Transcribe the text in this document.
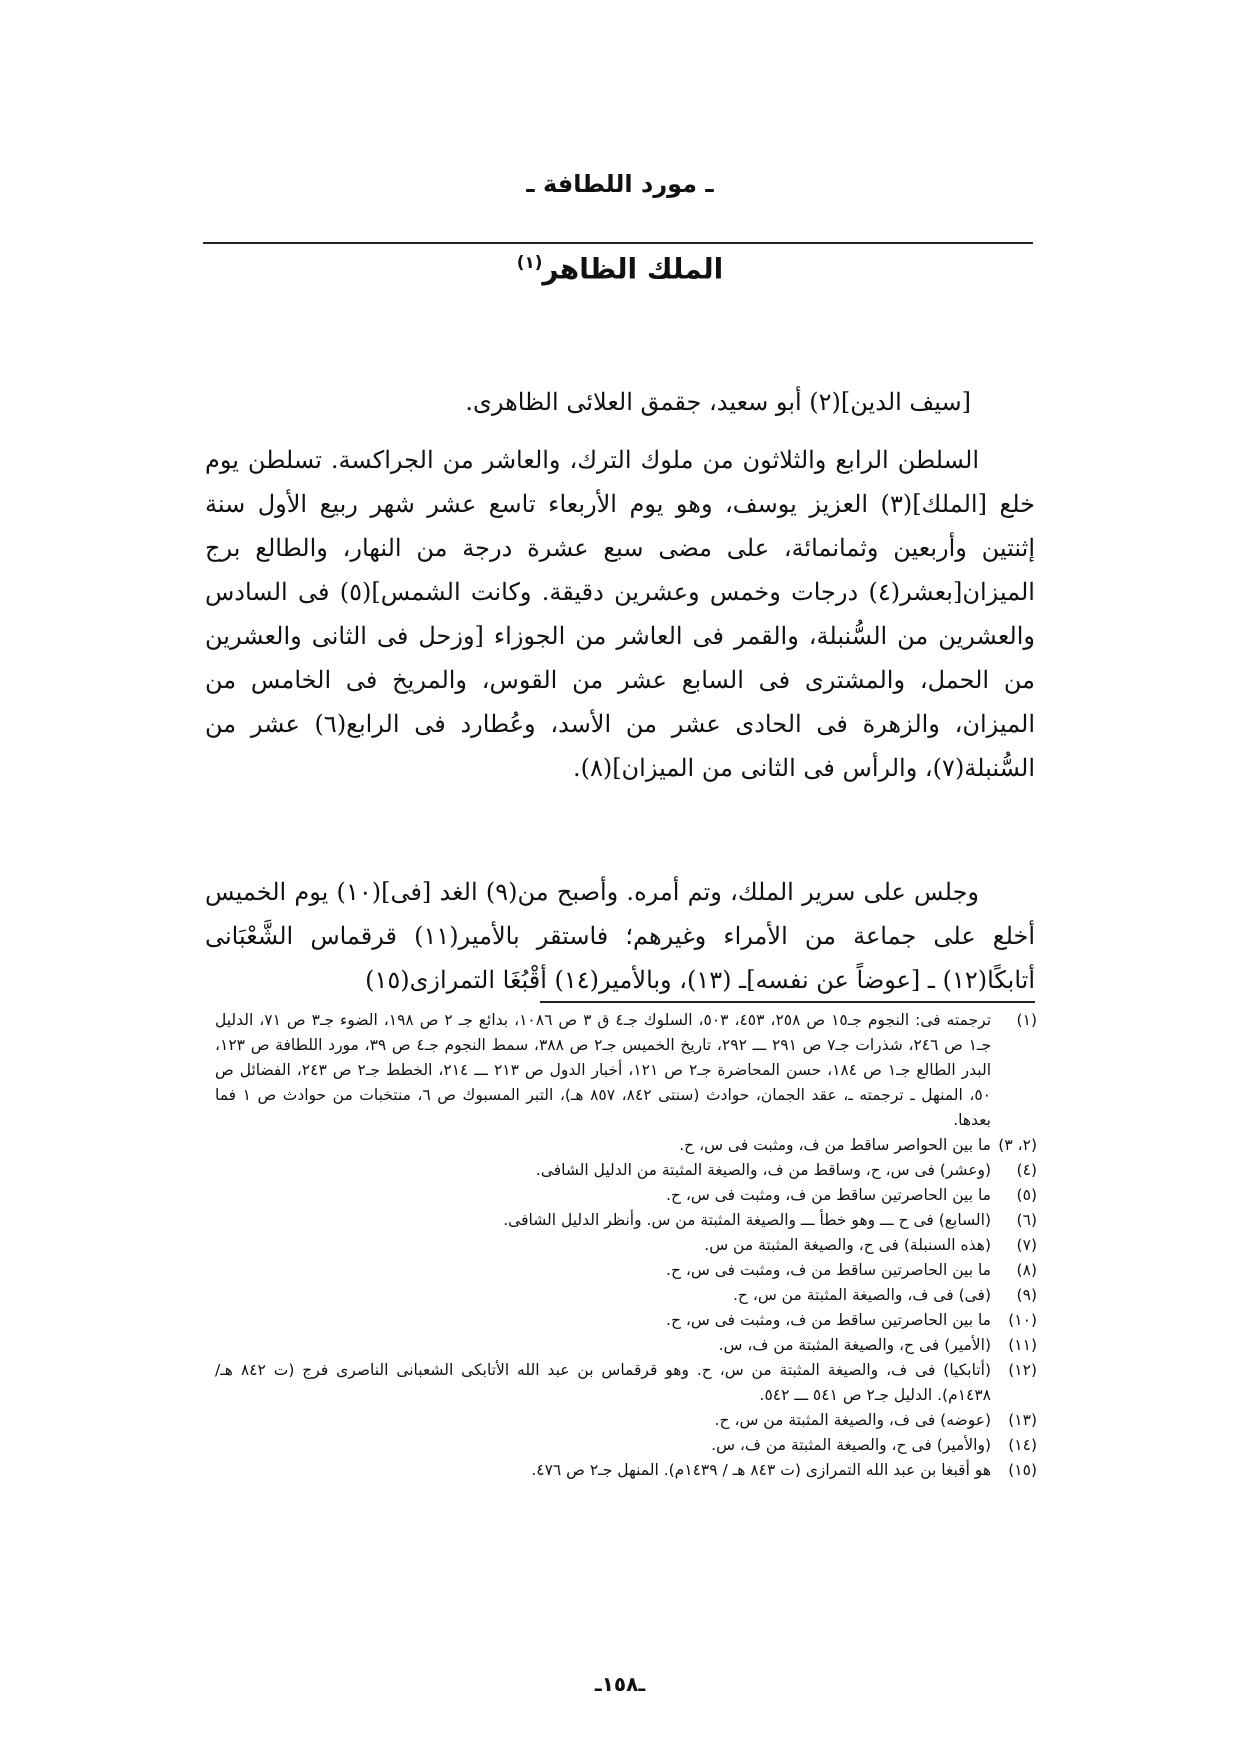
ـ مورد اللطافة ـ
الملك الظاهر$^{(١)}$
[سيف الدين](٢) أبو سعيد، جقمق العلائى الظاهرى.
السلطن الرابع والثلاثون من ملوك الترك، والعاشر من الجراكسة. تسلطن يوم خلع [الملك](٣) العزيز يوسف، وهو يوم الأربعاء تاسع عشر شهر ربيع الأول سنة إثنتين وأربعين وثمانمائة، على مضى سبع عشرة درجة من النهار، والطالع برج الميزان[بعشر(٤) درجات وخمس وعشرين دقيقة. وكانت الشمس](٥) فى السادس والعشرين من السُّنبلة، والقمر فى العاشر من الجوزاء [وزحل فى الثانى والعشرين من الحمل، والمشترى فى السابع عشر من القوس، والمريخ فى الخامس من الميزان، والزهرة فى الحادى عشر من الأسد، وعُطارد فى الرابع(٦) عشر من السُّنبلة(٧)، والرأس فى الثانى من الميزان](٨).
وجلس على سرير الملك، وتم أمره. وأصبح من(٩) الغد [فى](١٠) يوم الخميس أخلع على جماعة من الأمراء وغيرهم؛ فاستقر بالأمير(١١) قرقماس الشَّعْبَانى أتابكًا(١٢) ـ [عوضاً عن نفسه]ـ (١٣)، وبالأمير(١٤) أقْبُغَا التمرازى(١٥)
(١)
ترجمته فى: النجوم جـ١٥ ص ٢٥٨، ٤٥٣، ٥٠٣، السلوك جـ٤ ق ٣ ص ١٠٨٦، بدائع جـ ٢ ص ١٩٨، الضوء جـ٣ ص ٧١، الدليل جـ١ ص ٢٤٦، شذرات جـ٧ ص ٢٩١ ـــ ٢٩٢، تاريخ الخميس جـ٢ ص ٣٨٨، سمط النجوم جـ٤ ص ٣٩، مورد اللطافة ص ١٢٣، البدر الطالع جـ١ ص ١٨٤، حسن المحاضرة جـ٢ ص ١٢١، أخبار الدول ص ٢١٣ ـــ ٢١٤، الخطط جـ٢ ص ٢٤٣، الفضائل ص ٥٠، المنهل ـ ترجمته ـ، عقد الجمان، حوادث (سنتى ٨٤٢، ٨٥٧ هـ)، التبر المسبوك ص ٦، منتخبات من حوادث ص ١ فما بعدها.
(٢، ٣)
ما بين الحواصر ساقط من ف، ومثبت فى س، ح.
(٤)
(وعشر) فى س، ح، وساقط من ف، والصيغة المثبتة من الدليل الشافى.
(٥)
ما بين الحاصرتين ساقط من ف، ومثبت فى س، ح.
(٦)
(السابع) فى ح ـــ وهو خطأ ـــ والصيغة المثبتة من س. وأنظر الدليل الشافى.
(٧)
(هذه السنبلة) فى ح، والصيغة المثبتة من س.
(٨)
ما بين الحاصرتين ساقط من ف، ومثبت فى س، ح.
(٩)
(فى) فى ف، والصيغة المثبتة من س، ح.
(١٠)
ما بين الحاصرتين ساقط من ف، ومثبت فى س، ح.
(١١)
(الأمير) فى ح، والصيغة المثبتة من ف، س.
(١٢)
(أتابكيا) فى ف، والصيغة المثبتة من س، ح. وهو قرقماس بن عبد الله الأتابكى الشعبانى الناصرى فرج (ت ٨٤٢ هـ/ ١٤٣٨م). الدليل جـ٢ ص ٥٤١ ـــ ٥٤٢.
(١٣)
(عوضه) فى ف، والصيغة المثبتة من س، ح.
(١٤)
(والأمير) فى ح، والصيغة المثبتة من ف، س.
(١٥)
هو أقبغا بن عبد الله التمرازى (ت ٨٤٣ هـ / ١٤٣٩م). المنهل جـ٢ ص ٤٧٦.
ـ١٥٨ـ
